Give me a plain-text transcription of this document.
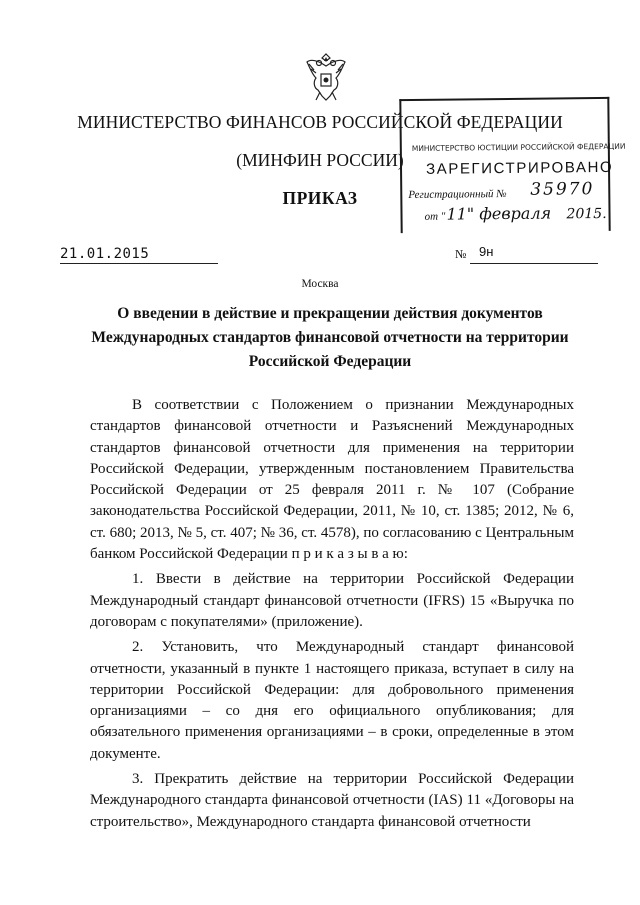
МИНИСТЕРСТВО ФИНАНСОВ РОССИЙСКОЙ ФЕДЕРАЦИИ
(МИНФИН РОССИИ)
ПРИКАЗ
МИНИСТЕРСТВО ЮСТИЦИИ РОССИЙСКОЙ ФЕДЕРАЦИИ
ЗАРЕГИСТРИРОВАНО
Регистрационный № 35970
от " 11" февраля 2015.
21.01.2015	№ 9н
Москва
О введении в действие и прекращении действия документов Международных стандартов финансовой отчетности на территории Российской Федерации

В соответствии с Положением о признании Международных стандартов финансовой отчетности и Разъяснений Международных стандартов финансовой отчетности для применения на территории Российской Федерации, утвержденным постановлением Правительства Российской Федерации от 25 февраля 2011 г. № 107 (Собрание законодательства Российской Федерации, 2011, № 10, ст. 1385; 2012, № 6, ст. 680; 2013, № 5, ст. 407; № 36, ст. 4578), по согласованию с Центральным банком Российской Федерации п р и к а з ы в а ю:

1. Ввести в действие на территории Российской Федерации Международный стандарт финансовой отчетности (IFRS) 15 «Выручка по договорам с покупателями» (приложение).

2. Установить, что Международный стандарт финансовой отчетности, указанный в пункте 1 настоящего приказа, вступает в силу на территории Российской Федерации: для добровольного применения организациями – со дня его официального опубликования; для обязательного применения организациями – в сроки, определенные в этом документе.

3. Прекратить действие на территории Российской Федерации Международного стандарта финансовой отчетности (IAS) 11 «Договоры на строительство», Международного стандарта финансовой отчетности
